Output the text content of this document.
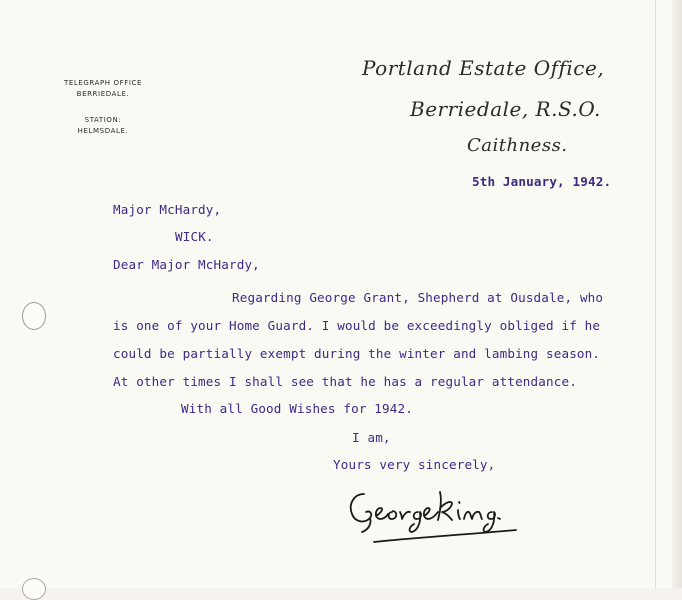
TELEGRAPH OFFICE
BERRIEDALE.
STATION:
HELMSDALE.
Portland Estate Office,
Berriedale, R.S.O.
Caithness.
5th January, 1942.
Major McHardy,
WICK.
Dear Major McHardy,
Regarding George Grant, Shepherd at Ousdale, who
is one of your Home Guard. I would be exceedingly obliged if he
could be partially exempt during the winter and lambing season.
At other times I shall see that he has a regular attendance.
With all Good Wishes for 1942.
I am,
Yours very sincerely,
